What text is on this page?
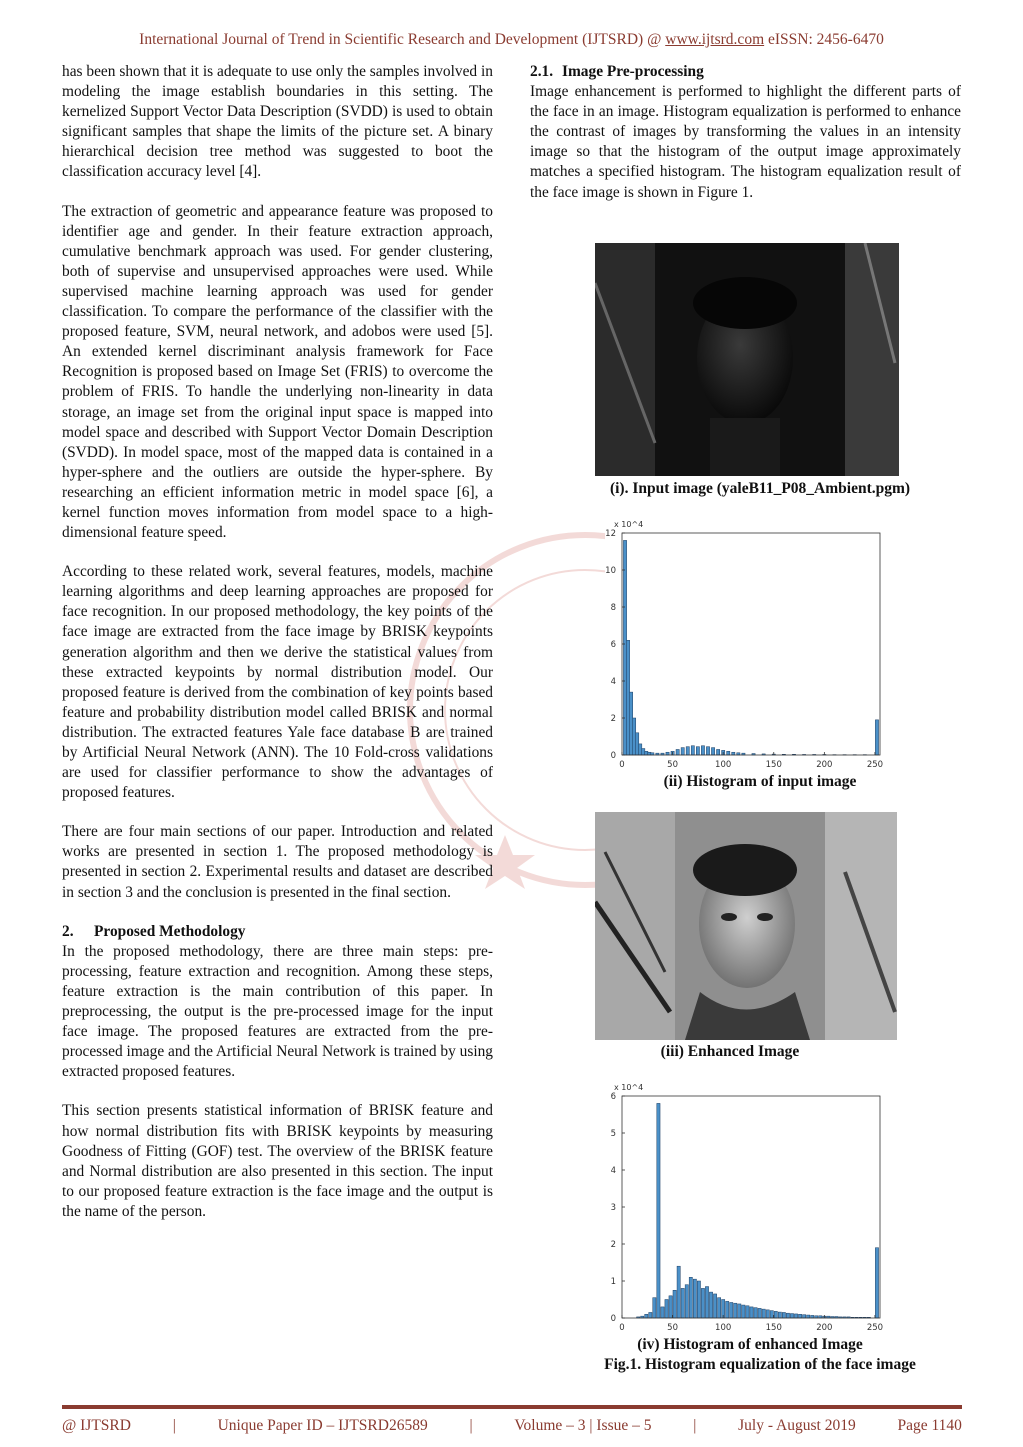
International Journal of Trend in Scientific Research and Development (IJTSRD) @ www.ijtsrd.com eISSN: 2456-6470

has been shown that it is adequate to use only the samples involved in modeling the image establish boundaries in this setting. The kernelized Support Vector Data Description (SVDD) is used to obtain significant samples that shape the limits of the picture set. A binary hierarchical decision tree method was suggested to boot the classification accuracy level [4].

The extraction of geometric and appearance feature was proposed to identifier age and gender. In their feature extraction approach, cumulative benchmark approach was used. For gender clustering, both of supervise and unsupervised approaches were used. While supervised machine learning approach was used for gender classification. To compare the performance of the classifier with the proposed feature, SVM, neural network, and adobos were used [5]. An extended kernel discriminant analysis framework for Face Recognition is proposed based on Image Set (FRIS) to overcome the problem of FRIS. To handle the underlying non-linearity in data storage, an image set from the original input space is mapped into model space and described with Support Vector Domain Description (SVDD). In model space, most of the mapped data is contained in a hyper-sphere and the outliers are outside the hyper-sphere. By researching an efficient information metric in model space [6], a kernel function moves information from model space to a high-dimensional feature speed.

According to these related work, several features, models, machine learning algorithms and deep learning approaches are proposed for face recognition. In our proposed methodology, the key points of the face image are extracted from the face image by BRISK keypoints generation algorithm and then we derive the statistical values from these extracted keypoints by normal distribution model. Our proposed feature is derived from the combination of key points based feature and probability distribution model called BRISK and normal distribution. The extracted features Yale face database B are trained by Artificial Neural Network (ANN). The 10 Fold-cross validations are used for classifier performance to show the advantages of proposed features.

There are four main sections of our paper. Introduction and related works are presented in section 1. The proposed methodology is presented in section 2. Experimental results and dataset are described in section 3 and the conclusion is presented in the final section.

2. Proposed Methodology

In the proposed methodology, there are three main steps: pre-processing, feature extraction and recognition. Among these steps, feature extraction is the main contribution of this paper. In preprocessing, the output is the pre-processed image for the input face image. The proposed features are extracted from the pre-processed image and the Artificial Neural Network is trained by using extracted proposed features.

This section presents statistical information of BRISK feature and how normal distribution fits with BRISK keypoints by measuring Goodness of Fitting (GOF) test. The overview of the BRISK feature and Normal distribution are also presented in this section. The input to our proposed feature extraction is the face image and the output is the name of the person.

2.1. Image Pre-processing

Image enhancement is performed to highlight the different parts of the face in an image. Histogram equalization is performed to enhance the contrast of images by transforming the values in an intensity image so that the histogram of the output image approximately matches a specified histogram. The histogram equalization result of the face image is shown in Figure 1.

(i). Input image (yaleB11_P08_Ambient.pgm)
x 10^4
0
2
4
6
8
10
12
0	50	100	150	200	250
(ii) Histogram of input image
(iii) Enhanced Image
x 10^4
0
1
2
3
4
5
6
0	50	100	150	200	250
(iv) Histogram of enhanced Image
Fig.1. Histogram equalization of the face image
@ IJTSRD	|	Unique Paper ID – IJTSRD26589	|	Volume – 3 | Issue – 5	|	July - August 2019	Page 1140
